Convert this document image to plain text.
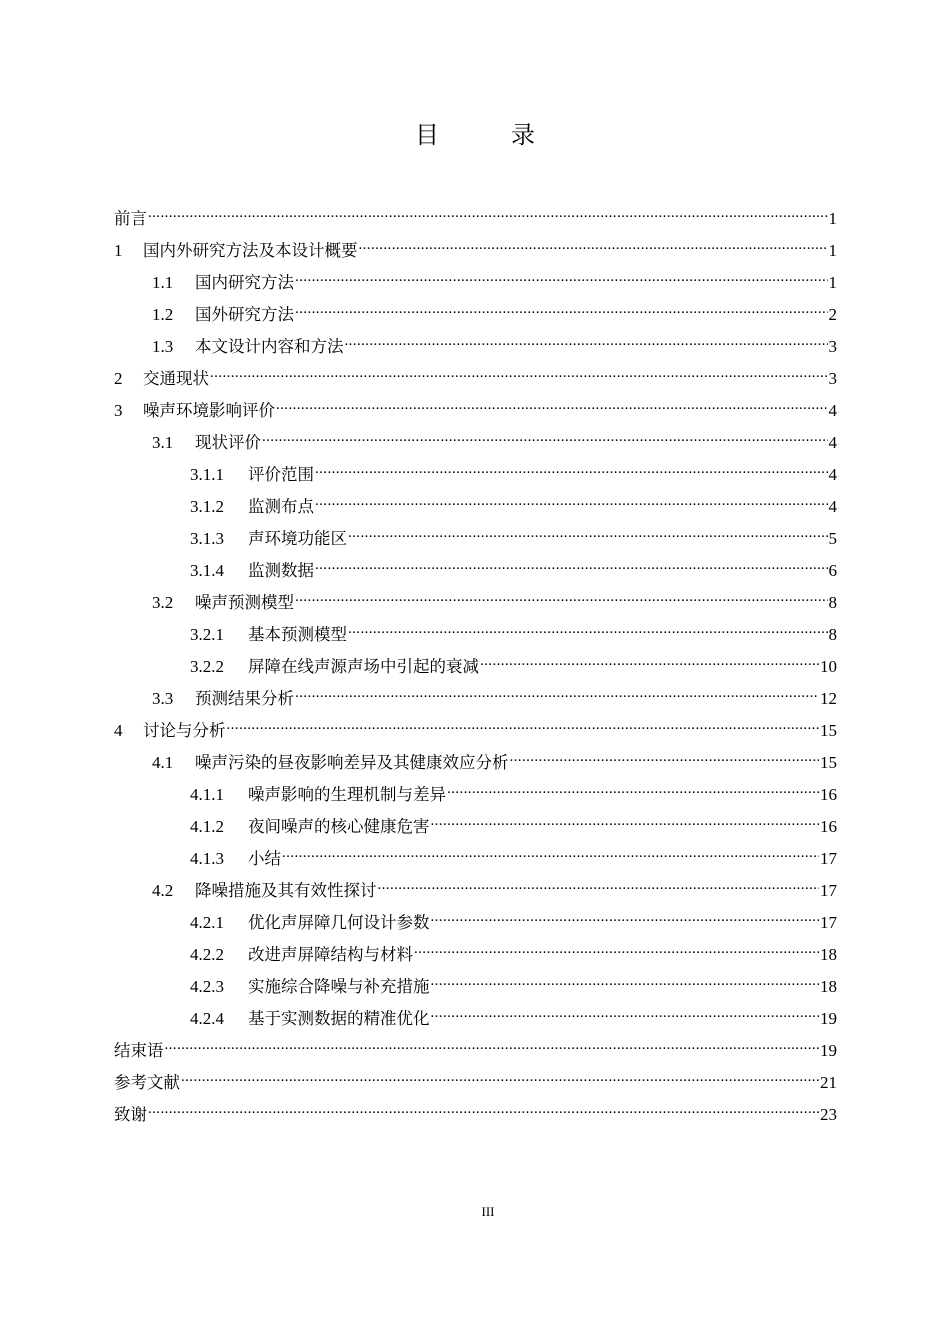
目　录
前言 .....	1
1	国内外研究方法及本设计概要 .....	1
1.1	国内研究方法 .....	1
1.2	国外研究方法 .....	2
1.3	本文设计内容和方法 .....	3
2	交通现状 .....	3
3	噪声环境影响评价 .....	4
3.1	现状评价 .....	4
3.1.1	评价范围 .....	4
3.1.2	监测布点 .....	4
3.1.3	声环境功能区 .....	5
3.1.4	监测数据 .....	6
3.2	噪声预测模型 .....	8
3.2.1	基本预测模型 .....	8
3.2.2	屏障在线声源声场中引起的衰减 .....	10
3.3	预测结果分析 .....	12
4	讨论与分析 .....	15
4.1	噪声污染的昼夜影响差异及其健康效应分析 .....	15
4.1.1	噪声影响的生理机制与差异 .....	16
4.1.2	夜间噪声的核心健康危害 .....	16
4.1.3	小结 .....	17
4.2	降噪措施及其有效性探讨 .....	17
4.2.1	优化声屏障几何设计参数 .....	17
4.2.2	改进声屏障结构与材料 .....	18
4.2.3	实施综合降噪与补充措施 .....	18
4.2.4	基于实测数据的精准优化 .....	19
结束语 .....	19
参考文献 .....	21
致谢 .....	23
III
